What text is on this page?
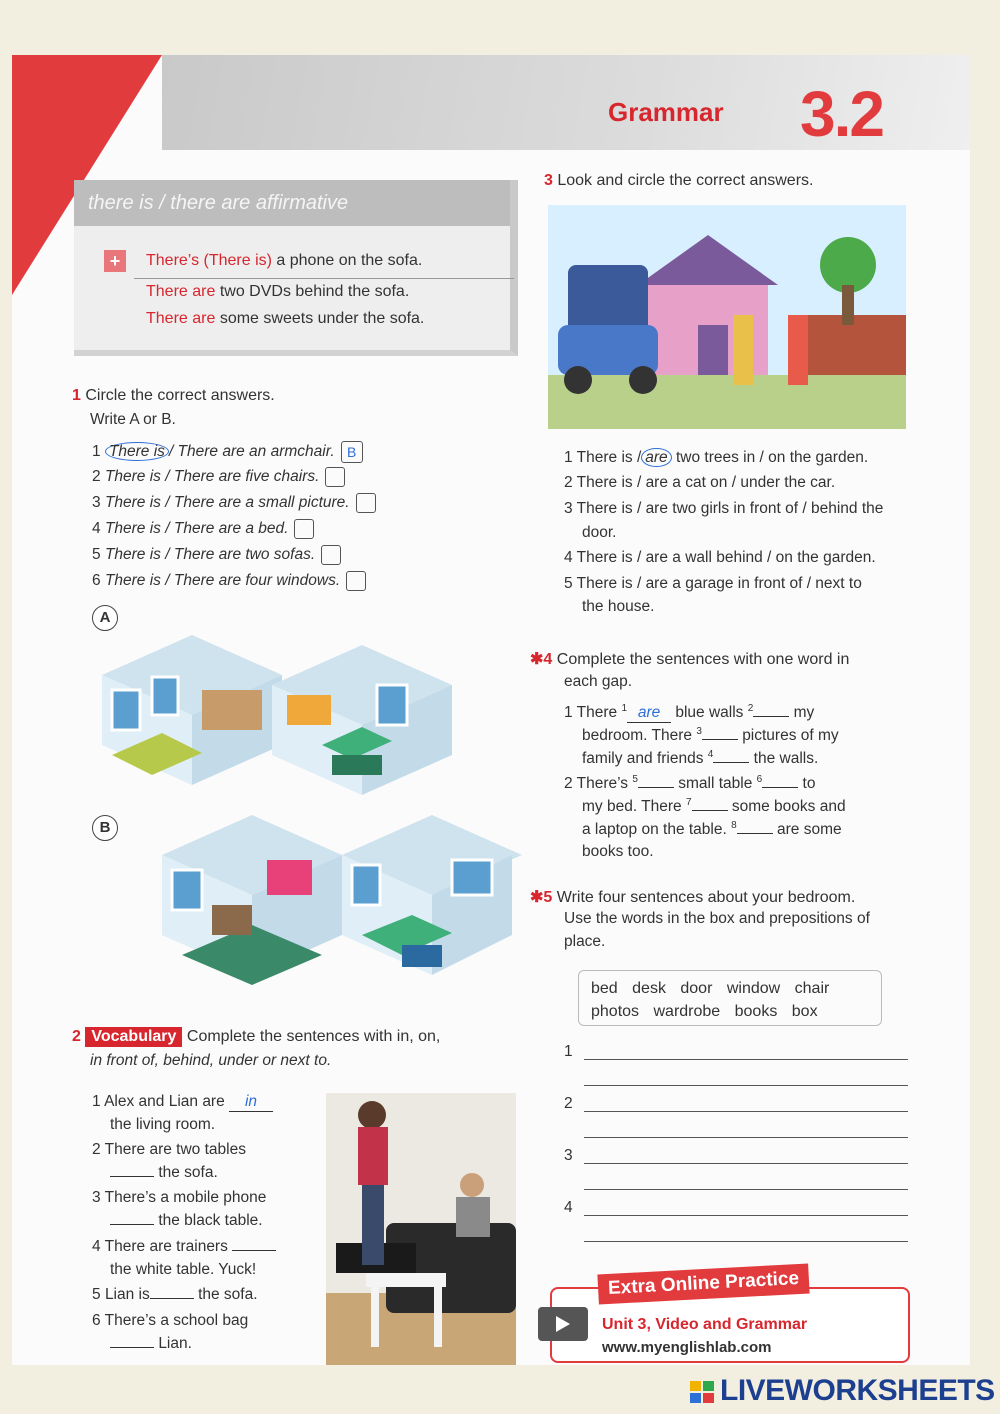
Grammar 3.2
there is / there are affirmative
+	There’s (There is) a phone on the sofa.
There are two DVDs behind the sofa.
There are some sweets under the sofa.
1 Circle the correct answers.
Write A or B.
1 There is / There are an armchair. B
2 There is / There are five chairs.
3 There is / There are a small picture.
4 There is / There are a bed.
5 There is / There are two sofas.
6 There is / There are four windows.
A
B
2 Vocabulary Complete the sentences with in, on,
in front of, behind, under or next to.
1 Alex and Lian are in
the living room.
2 There are two tables
the sofa.
3 There’s a mobile phone
the black table.
4 There are trainers
the white table. Yuck!
5 Lian is	the sofa.
6 There’s a school bag
Lian.
3 Look and circle the correct answers.
1 There is / are two trees in / on the garden.
2 There is / are a cat on / under the car.
3 There is / are two girls in front of / behind the
door.
4 There is / are a wall behind / on the garden.
5 There is / are a garage in front of / next to
the house.
✱4 Complete the sentences with one word in
each gap.
1 There $^1$ are blue walls $^2$	my
bedroom. There $^3$	pictures of my
family and friends $^4$	the walls.
2 There’s $^5$	small table $^6$	to
my bed. There $^7$	some books and
a laptop on the table. $^8$	are some
books too.
✱5 Write four sentences about your bedroom.
Use the words in the box and prepositions of
place.
bed desk door window chair
photos wardrobe books box
1
2
3
4
Extra Online Practice
Unit 3, Video and Grammar
www.myenglishlab.com
LIVEWORKSHEETS
